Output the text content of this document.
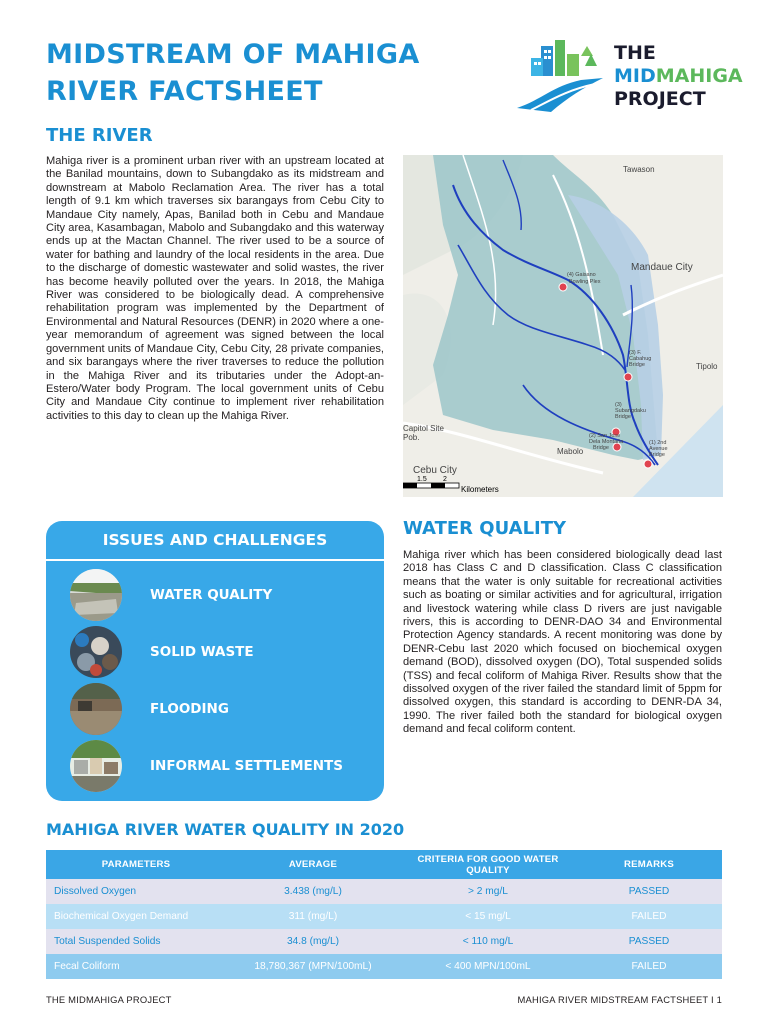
MIDSTREAM OF MAHIGA
RIVER FACTSHEET
THE
MIDMAHIGA
PROJECT
THE RIVER
Mahiga river is a prominent urban river with an upstream located at the Banilad mountains, down to Subangdako as its midstream and downstream at Mabolo Reclamation Area. The river has a total length of 9.1 km which traverses six barangays from Cebu City to Mandaue City namely, Apas, Banilad both in Cebu and Mandaue City area, Kasambagan, Mabolo and Subangdako and this waterway ends up at the Mactan Channel. The river used to be a source of water for bathing and laundry of the local residents in the area. Due to the discharge of domestic wastewater and solid wastes, the river has become heavily polluted over the years. In 2018, the Mahiga River was considered to be biologically dead. A comprehensive rehabilitation program was implemented by the Department of Environmental and Natural Resources (DENR) in 2020 where a one-year memorandum of agreement was signed between the local government units of Mandaue City, Cebu City, 28 private companies, and six barangays where the river traverses to reduce the pollution in the Mahiga River and its tributaries under the Adopt-an-Estero/Water body Program. The local government units of Cebu City and Mandaue City continue to implement river rehabilitation activities to this day to clean up the Mahiga River.
Tawason
Mandaue City
Tipolo
Capitol Site
Pob.
Cebu City
Mabolo
(4) Gaisano
Bowling Plex
(3) F.
Cabahug
Bridge
(3)
Subangdaku
Bridge
(2) San Jose
Dela Montaña
Bridge
(1) 2nd
Avenue
Bridge
1.5 2
Kilometers
ISSUES AND CHALLENGES
WATER QUALITY
SOLID WASTE
FLOODING
INFORMAL SETTLEMENTS
WATER QUALITY
Mahiga river which has been considered biologically dead last 2018 has Class C and D classification. Class C classification means that the water is only suitable for recreational activities such as boating or similar activities and for agricultural, irrigation and livestock watering while class D rivers are just navigable rivers, this is according to DENR-DAO 34 and Environmental Protection Agency standards. A recent monitoring was done by DENR-Cebu last 2020 which focused on biochemical oxygen demand (BOD), dissolved oxygen (DO), Total suspended solids (TSS) and fecal coliform of Mahiga River. Results show that the dissolved oxygen of the river failed the standard limit of 5ppm for dissolved oxygen, this standard is according to DENR-DA 34, 1990. The river failed both the standard for biological oxygen demand and fecal coliform content.
MAHIGA RIVER WATER QUALITY IN 2020
PARAMETERS	AVERAGE	CRITERIA FOR GOOD WATER QUALITY	REMARKS
Dissolved Oxygen	3.438 (mg/L)	> 2 mg/L	PASSED
Biochemical Oxygen Demand	311 (mg/L)	< 15 mg/L	FAILED
Total Suspended Solids	34.8 (mg/L)	< 110 mg/L	PASSED
Fecal Coliform	18,780,367 (MPN/100mL)	< 400 MPN/100mL	FAILED
THE MIDMAHIGA PROJECT	MAHIGA RIVER MIDSTREAM FACTSHEET I 1
